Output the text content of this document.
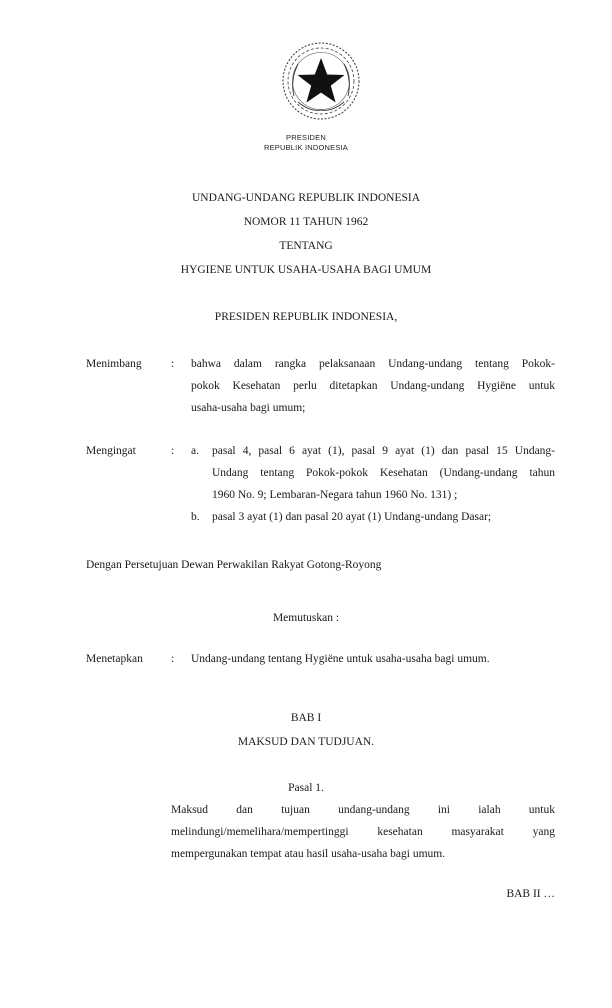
PRESIDEN
REPUBLIK INDONESIA
UNDANG-UNDANG REPUBLIK INDONESIA
NOMOR 11 TAHUN 1962
TENTANG
HYGIENE UNTUK USAHA-USAHA BAGI UMUM
PRESIDEN REPUBLIK INDONESIA,
Menimbang	: bahwa dalam rangka pelaksanaan Undang-undang tentang Pokok-
pokok Kesehatan perlu ditetapkan Undang-undang Hygiëne untuk
usaha-usaha bagi umum;
Mengingat	: a. pasal 4, pasal 6 ayat (1), pasal 9 ayat (1) dan pasal 15 Undang-
Undang tentang Pokok-pokok Kesehatan (Undang-undang tahun
1960 No. 9; Lembaran-Negara tahun 1960 No. 131) ;
b. pasal 3 ayat (1) dan pasal 20 ayat (1) Undang-undang Dasar;
Dengan Persetujuan Dewan Perwakilan Rakyat Gotong-Royong
Memutuskan :
Menetapkan : Undang-undang tentang Hygiëne untuk usaha-usaha bagi umum.
BAB I
MAKSUD DAN TUDJUAN.
Pasal 1.
Maksud dan tujuan undang-undang ini ialah untuk
melindungi/memelihara/mempertinggi kesehatan masyarakat yang
mempergunakan tempat atau hasil usaha-usaha bagi umum.
BAB II …
